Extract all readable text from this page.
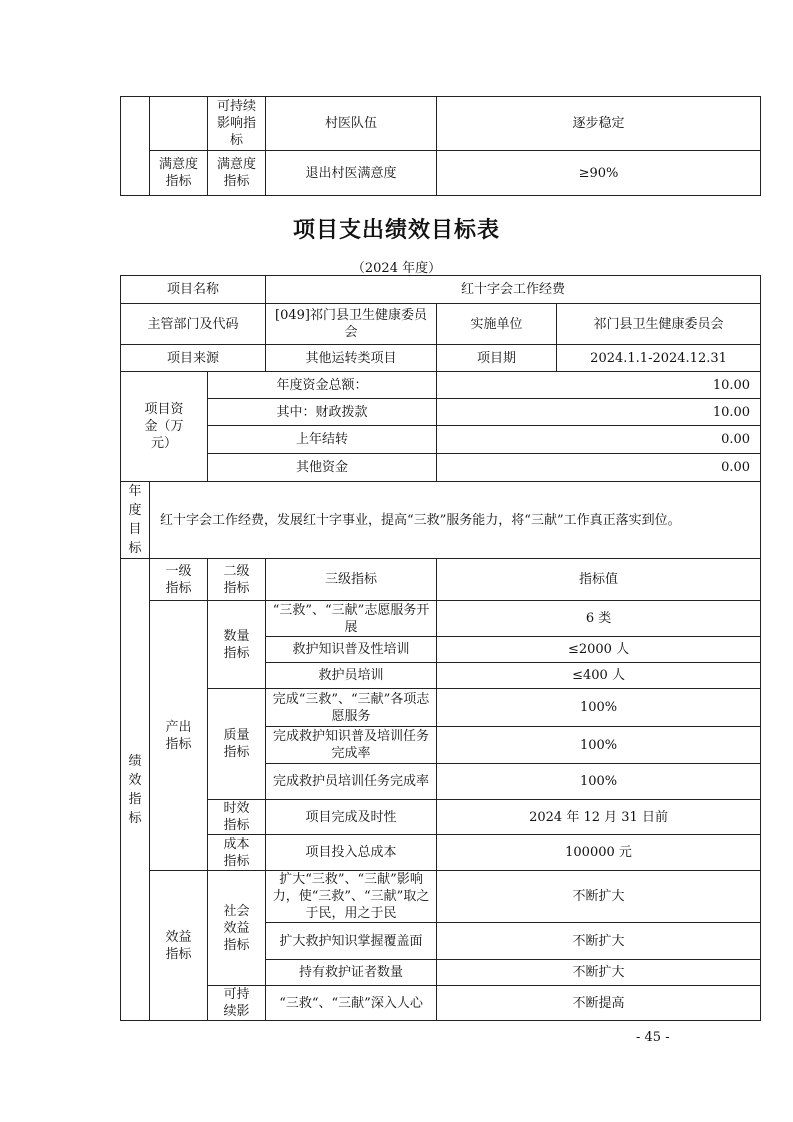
		可持续影响指标	村医队伍	逐步稳定
	满意度指标	满意度指标	退出村医满意度	≥90%
项目支出绩效目标表
（2024 年度）
项目名称			红十字会工作经费		
主管部门及代码			[049]祁门县卫生健康委员会	实施单位	祁门县卫生健康委员会
项目来源			其他运转类项目	项目期	2024.1.1-2024.12.31
项目资金（万元）		年度资金总额：		10.00	
		其中：财政拨款		10.00	
		上年结转		0.00	
		其他资金		0.00	
年度目标	红十字会工作经费，发展红十字事业，提高“三救”服务能力，将“三献”工作真正落实到位。				
绩效指标	一级指标	二级指标	三级指标	指标值	
	产出指标	数量指标	“三救”、“三献”志愿服务开展	6 类	
			救护知识普及性培训	≤2000 人	
			救护员培训	≤400 人	
		质量指标	完成“三救”、“三献”各项志愿服务	100%	
			完成救护知识普及培训任务完成率	100%	
			完成救护员培训任务完成率	100%	
		时效指标	项目完成及时性	2024 年 12 月 31 日前	
		成本指标	项目投入总成本	100000 元	
	效益指标	社会效益指标	扩大“三救”、“三献”影响力，使“三救”、“三献”取之于民，用之于民	不断扩大	
			扩大救护知识掌握覆盖面	不断扩大	
			持有救护证者数量	不断扩大	
		可持续影	“三救“、“三献”深入人心	不断提高	
- 45 -
